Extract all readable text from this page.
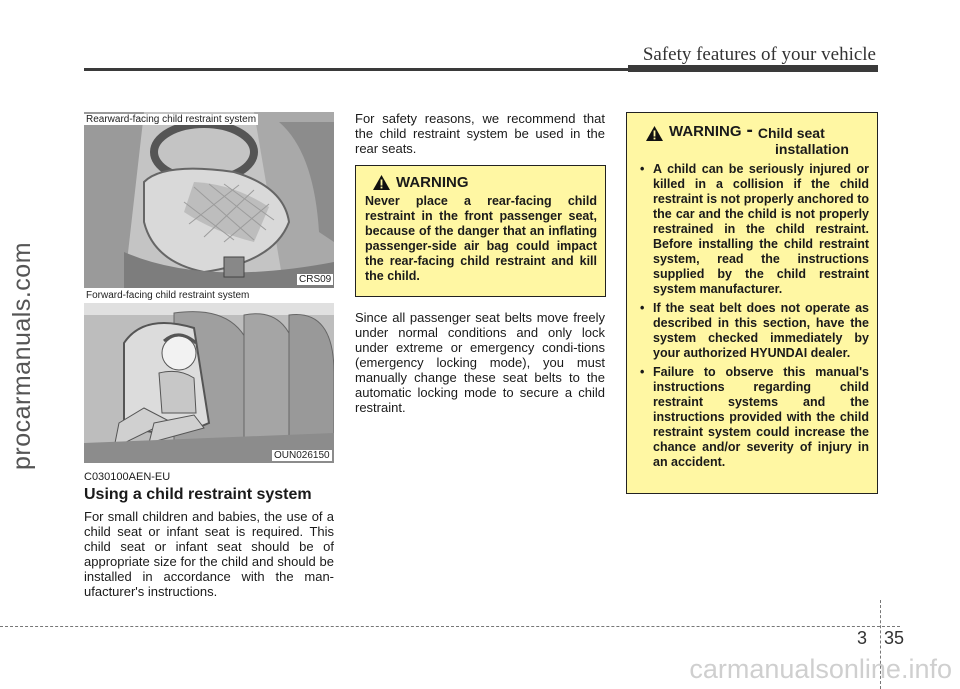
Safety features of your vehicle
procarmanuals.com
carmanualsonline.info
Rearward-facing child restraint system
CRS09
Forward-facing child restraint system
OUN026150
C030100AEN-EU
Using a child restraint system
For small children and babies, the use of a child seat or infant seat is required. This child seat or infant seat should be of appropriate size for the child and should be installed in accordance with the man-ufacturer's instructions.
For safety reasons, we recommend that the child restraint system be used in the rear seats.
WARNING
Never place a rear-facing child restraint in the front passenger seat, because of the danger that an inflating passenger-side air bag could impact the rear-facing child restraint and kill the child.
Since all passenger seat belts move freely under normal conditions and only lock under extreme or emergency condi-tions (emergency locking mode), you must manually change these seat belts to the automatic locking mode to secure a child restraint.
WARNING - Child seat
installation
• A child can be seriously injured or killed in a collision if the child restraint is not properly anchored to the car and the child is not properly restrained in the child restraint. Before installing the child restraint system, read the instructions supplied by the child restraint system manufacturer.
• If the seat belt does not operate as described in this section, have the system checked immediately by your authorized HYUNDAI dealer.
• Failure to observe this manual's instructions regarding child restraint systems and the instructions provided with the child restraint system could increase the chance and/or severity of injury in an accident.
3 35
